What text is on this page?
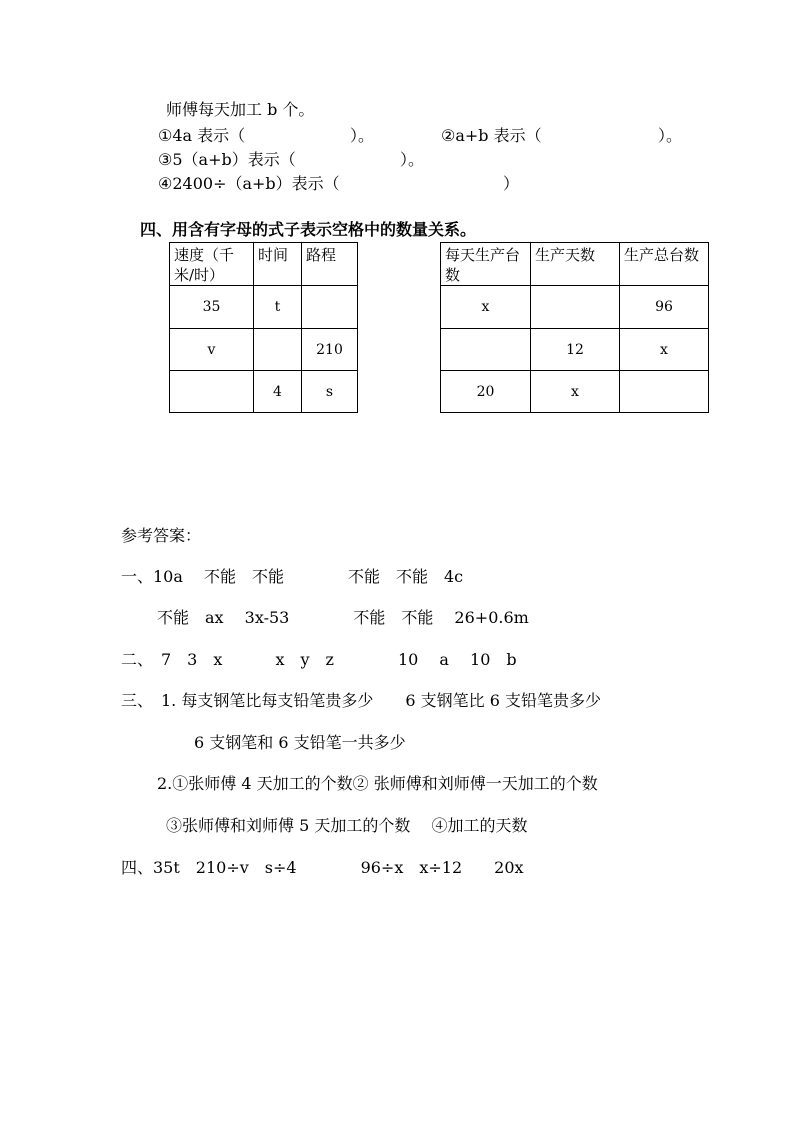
师傅每天加工 b 个。
①4a 表示（	）。	②a+b 表示（	）。
③5（a+b）表示（	）。
④2400÷（a+b）表示（	）
四、用含有字母的式子表示空格中的数量关系。
速度（千米/时）	时间	路程
35	t	
v		210
	4	s
每天生产台数	生产天数	生产总台数
x		96
	12	x
20	x	
参考答案：
一、10a　 不能　不能　　　　不能　不能　4c
不能　ax　 3x-53　　　　不能　不能　 26+0.6m
二、　7　3　x　　　 x　y　z　　　　10　 a　 10　b
三、　1. 每支钢笔比每支铅笔贵多少　　6 支钢笔比 6 支铅笔贵多少
6 支钢笔和 6 支铅笔一共多少
2.①张师傅 4 天加工的个数② 张师傅和刘师傅一天加工的个数
③张师傅和刘师傅 5 天加工的个数　 ④加工的天数
四、35t　210÷v　s÷4　　　　96÷x　x÷12　　20x
